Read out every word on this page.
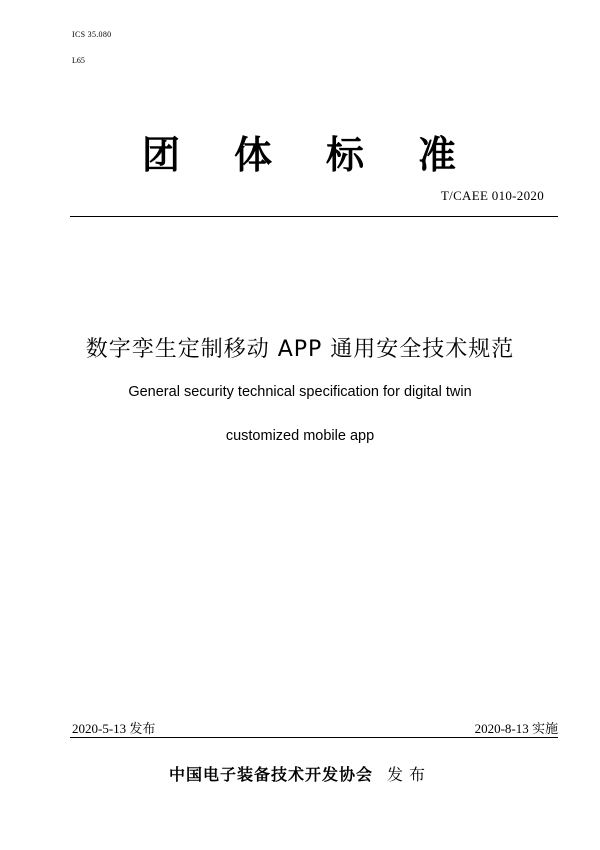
ICS 35.080
L65
团 体 标 准
T/CAEE 010-2020
数字孪生定制移动 APP 通用安全技术规范
General security technical specification for digital twin
customized mobile app
2020-5-13 发布	2020-8-13 实施
中国电子装备技术开发协会 发布
